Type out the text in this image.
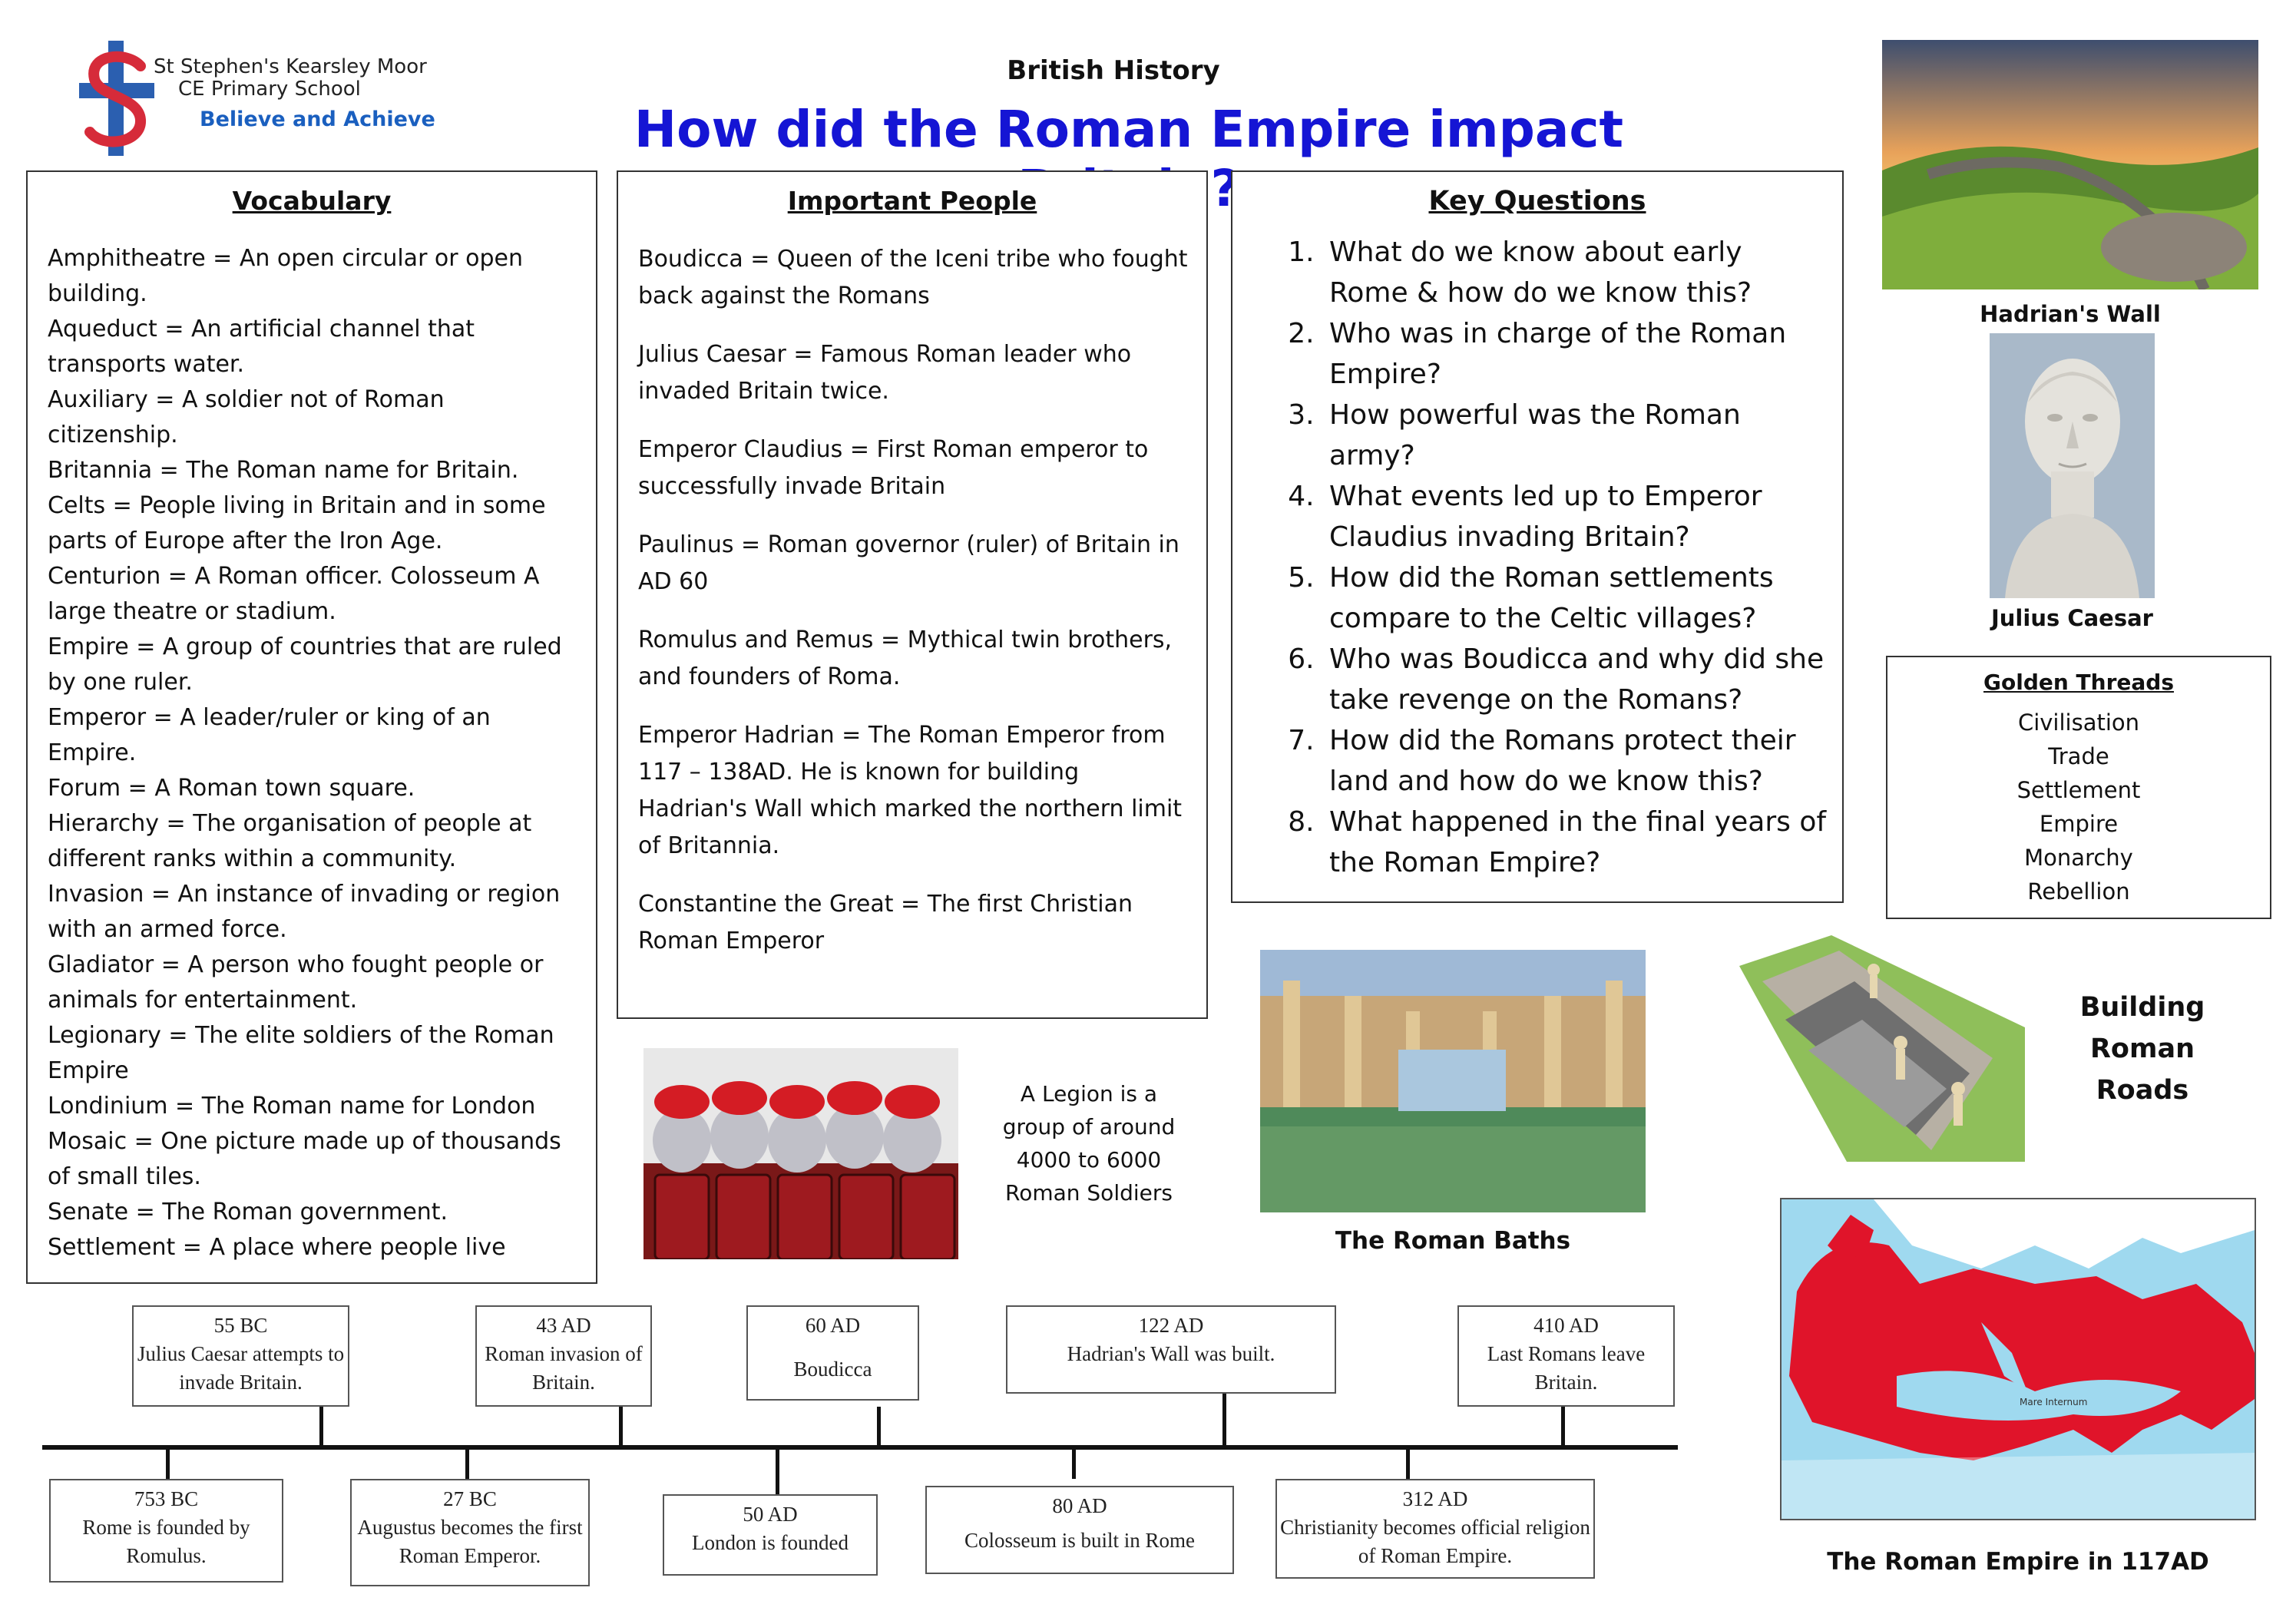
St Stephen's Kearsley Moor
CE Primary School
Believe and Achieve
British History
How did the Roman Empire impact
Vocabulary
Amphitheatre = An open circular or open building.
Aqueduct = An artificial channel that transports water.
Auxiliary = A soldier not of Roman citizenship.
Britannia = The Roman name for Britain.
Celts = People living in Britain and in some parts of Europe after the Iron Age.
Centurion = A Roman officer. Colosseum A large theatre or stadium.
Empire = A group of countries that are ruled by one ruler.
Emperor = A leader/ruler or king of an Empire.
Forum = A Roman town square.
Hierarchy = The organisation of people at different ranks within a community.
Invasion = An instance of invading or region with an armed force.
Gladiator = A person who fought people or animals for entertainment.
Legionary = The elite soldiers of the Roman Empire
Londinium = The Roman name for London
Mosaic = One picture made up of thousands of small tiles.
Senate = The Roman government.
Settlement = A place where people live
Important People

Boudicca = Queen of the Iceni tribe who fought back against the Romans

Julius Caesar = Famous Roman leader who invaded Britain twice.

Emperor Claudius = First Roman emperor to successfully invade Britain

Paulinus = Roman governor (ruler) of Britain in AD 60

Romulus and Remus = Mythical twin brothers, and founders of Roma.

Emperor Hadrian = The Roman Emperor from 117 – 138AD. He is known for building Hadrian's Wall which marked the northern limit of Britannia.

Constantine the Great = The first Christian Roman Emperor

Key Questions
1. What do we know about early Rome & how do we know this?
2. Who was in charge of the Roman Empire?
3. How powerful was the Roman army?
4. What events led up to Emperor Claudius invading Britain?
5. How did the Roman settlements compare to the Celtic villages?
6. Who was Boudicca and why did she take revenge on the Romans?
7. How did the Romans protect their land and how do we know this?
8. What happened in the final years of the Roman Empire?
Hadrian's Wall
Julius Caesar
Golden Threads
Civilisation
Trade
Settlement
Empire
Monarchy
Rebellion
Building Roman Roads
Mare Internum
The Roman Empire in 117AD
A Legion is a group of around 4000 to 6000 Roman Soldiers
The Roman Baths
55 BC
Julius Caesar attempts to invade Britain.
43 AD
Roman invasion of Britain.
60 AD
Boudicca
122 AD
Hadrian's Wall was built.
410 AD
Last Romans leave Britain.
753 BC
Rome is founded by Romulus.
27 BC
Augustus becomes the first Roman Emperor.
50 AD
London is founded
80 AD
Colosseum is built in Rome
312 AD
Christianity becomes official religion of Roman Empire.
